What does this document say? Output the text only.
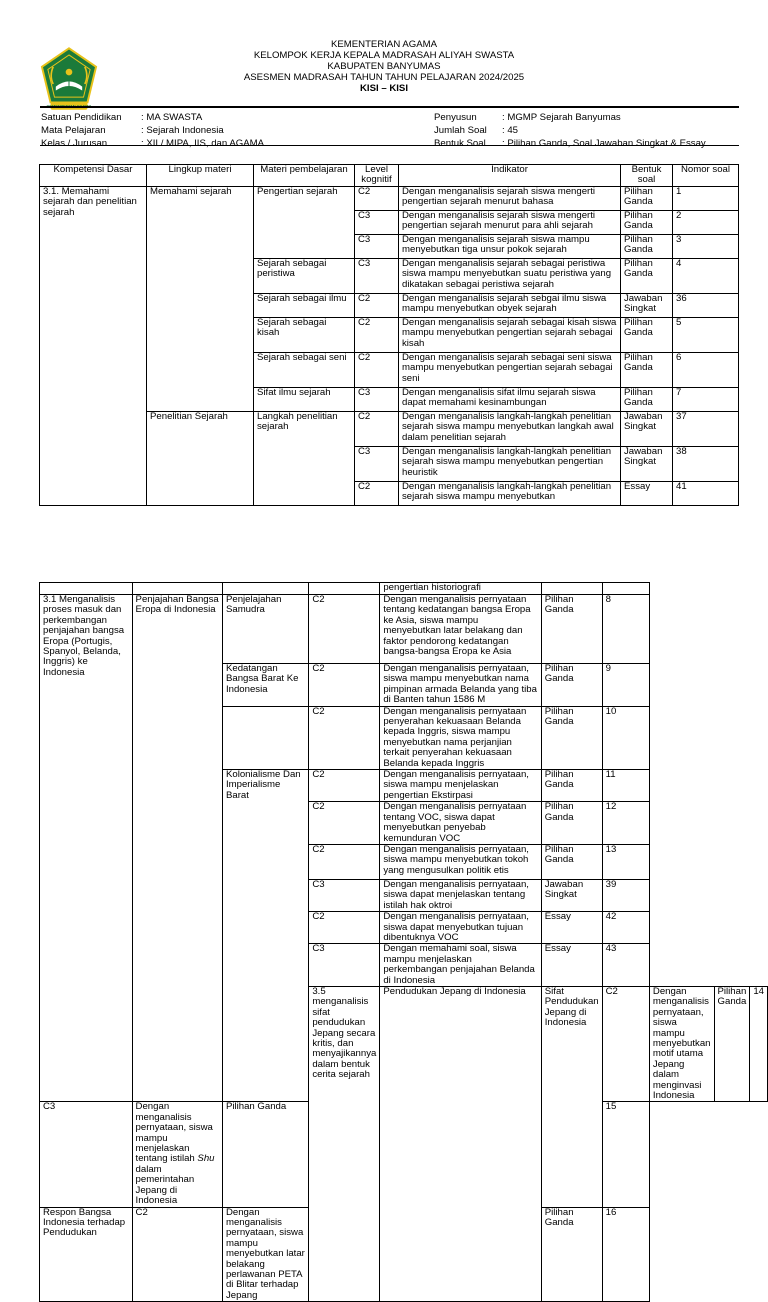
KEMENTERIAN AGAMA
KEMENTERIAN AGAMA
KELOMPOK KERJA KEPALA MADRASAH ALIYAH SWASTA
KABUPATEN BANYUMAS
ASESMEN MADRASAH TAHUN TAHUN PELAJARAN 2024/2025
KISI – KISI
Satuan Pendidikan	: MA SWASTA
Mata Pelajaran	: Sejarah Indonesia
Kelas / Jurusan	: XII / MIPA, IIS, dan AGAMA
Penyusun	: MGMP Sejarah Banyumas
Jumlah Soal	: 45
Bentuk Soal	: Pilihan Ganda, Soal Jawaban Singkat & Essay
Kompetensi Dasar	Lingkup materi	Materi pembelajaran	Level kognitif	Indikator	Bentuk soal	Nomor soal
3.1. Memahami sejarah dan penelitian sejarah	Memahami sejarah	Pengertian sejarah	C2	Dengan menganalisis sejarah siswa mengerti pengertian sejarah menurut bahasa	Pilihan Ganda	1
			C3	Dengan menganalisis sejarah siswa mengerti pengertian sejarah menurut para ahli sejarah	Pilihan Ganda	2
			C3	Dengan menganalisis sejarah siswa mampu menyebutkan tiga unsur pokok sejarah	Pilihan Ganda	3
		Sejarah sebagai peristiwa	C3	Dengan menganalisis sejarah sebagai peristiwa siswa mampu menyebutkan suatu peristiwa yang dikatakan sebagai peristiwa sejarah	Pilihan Ganda	4
		Sejarah sebagai ilmu	C2	Dengan menganalisis sejarah sebgai ilmu siswa mampu menyebutkan obyek sejarah	Jawaban Singkat	36
		Sejarah sebagai kisah	C2	Dengan menganalisis sejarah sebagai kisah siswa mampu menyebutkan pengertian sejarah sebagai kisah	Pilihan Ganda	5
		Sejarah sebagai seni	C2	Dengan menganalisis sejarah sebagai seni siswa mampu menyebutkan pengertian sejarah sebagai seni	Pilihan Ganda	6
		Sifat ilmu sejarah	C3	Dengan menganalisis sifat ilmu sejarah siswa dapat memahami kesinambungan	Pilihan Ganda	7
	Penelitian Sejarah	Langkah penelitian sejarah	C2	Dengan menganalisis langkah-langkah penelitian sejarah siswa mampu menyebutkan langkah awal dalam penelitian sejarah	Jawaban Singkat	37
			C3	Dengan menganalisis langkah-langkah penelitian sejarah siswa mampu menyebutkan pengertian heuristik	Jawaban Singkat	38
			C2	Dengan menganalisis langkah-langkah penelitian sejarah siswa mampu menyebutkan	Essay	41
				pengertian historiografi					
3.1 Menganalisis proses masuk dan perkembangan penjajahan bangsa Eropa (Portugis, Spanyol, Belanda, Inggris) ke Indonesia	Penjajahan Bangsa Eropa di Indonesia	Penjelajahan Samudra	C2	Dengan menganalisis pernyataan tentang kedatangan bangsa Eropa ke Asia, siswa mampu menyebutkan latar belakang dan faktor pendorong kedatangan bangsa-bangsa Eropa ke Asia	Pilihan Ganda	8			
		Kedatangan Bangsa Barat Ke Indonesia	C2	Dengan menganalisis pernyataan, siswa mampu menyebutkan nama pimpinan armada Belanda yang tiba di Banten tahun 1586 M	Pilihan Ganda	9			
			C2	Dengan menganalisis pernyataan penyerahan kekuasaan Belanda kepada Inggris, siswa mampu menyebutkan nama perjanjian terkait penyerahan kekuasaan Belanda kepada Inggris	Pilihan Ganda	10			
		Kolonialisme Dan Imperialisme Barat	C2	Dengan menganalisis pernyataan, siswa mampu menjelaskan pengertian Ekstirpasi	Pilihan Ganda	11			
			C2	Dengan menganalisis pernyataan tentang VOC, siswa dapat menyebutkan penyebab kemunduran VOC	Pilihan Ganda	12			
			C2	Dengan menganalisis pernyataan, siswa mampu menyebutkan tokoh yang mengusulkan politik etis	Pilihan Ganda	13			
			C3	Dengan menganalisis pernyataan, siswa dapat menjelaskan tentang istilah hak oktroi	Jawaban Singkat	39			
			C2	Dengan menganalisis pernyataan, siswa dapat menyebutkan tujuan dibentuknya VOC	Essay	42			
			C3	Dengan memahami soal, siswa mampu menjelaskan perkembangan penjajahan Belanda di Indonesia	Essay	43			
			3.5 menganalisis sifat pendudukan Jepang secara kritis, dan menyajikannya dalam bentuk cerita sejarah	Pendudukan Jepang di Indonesia	Sifat Pendudukan Jepang di Indonesia	C2	Dengan menganalisis pernyataan, siswa mampu menyebutkan motif utama Jepang dalam menginvasi Indonesia	Pilihan Ganda	14
C3	Dengan menganalisis pernyataan, siswa mampu menjelaskan tentang istilah Shu dalam pemerintahan Jepang di Indonesia	Pilihan Ganda				15			
Respon Bangsa Indonesia terhadap Pendudukan	C2	Dengan menganalisis pernyataan, siswa mampu menyebutkan latar belakang perlawanan PETA di Blitar terhadap Jepang			Pilihan Ganda	16			
